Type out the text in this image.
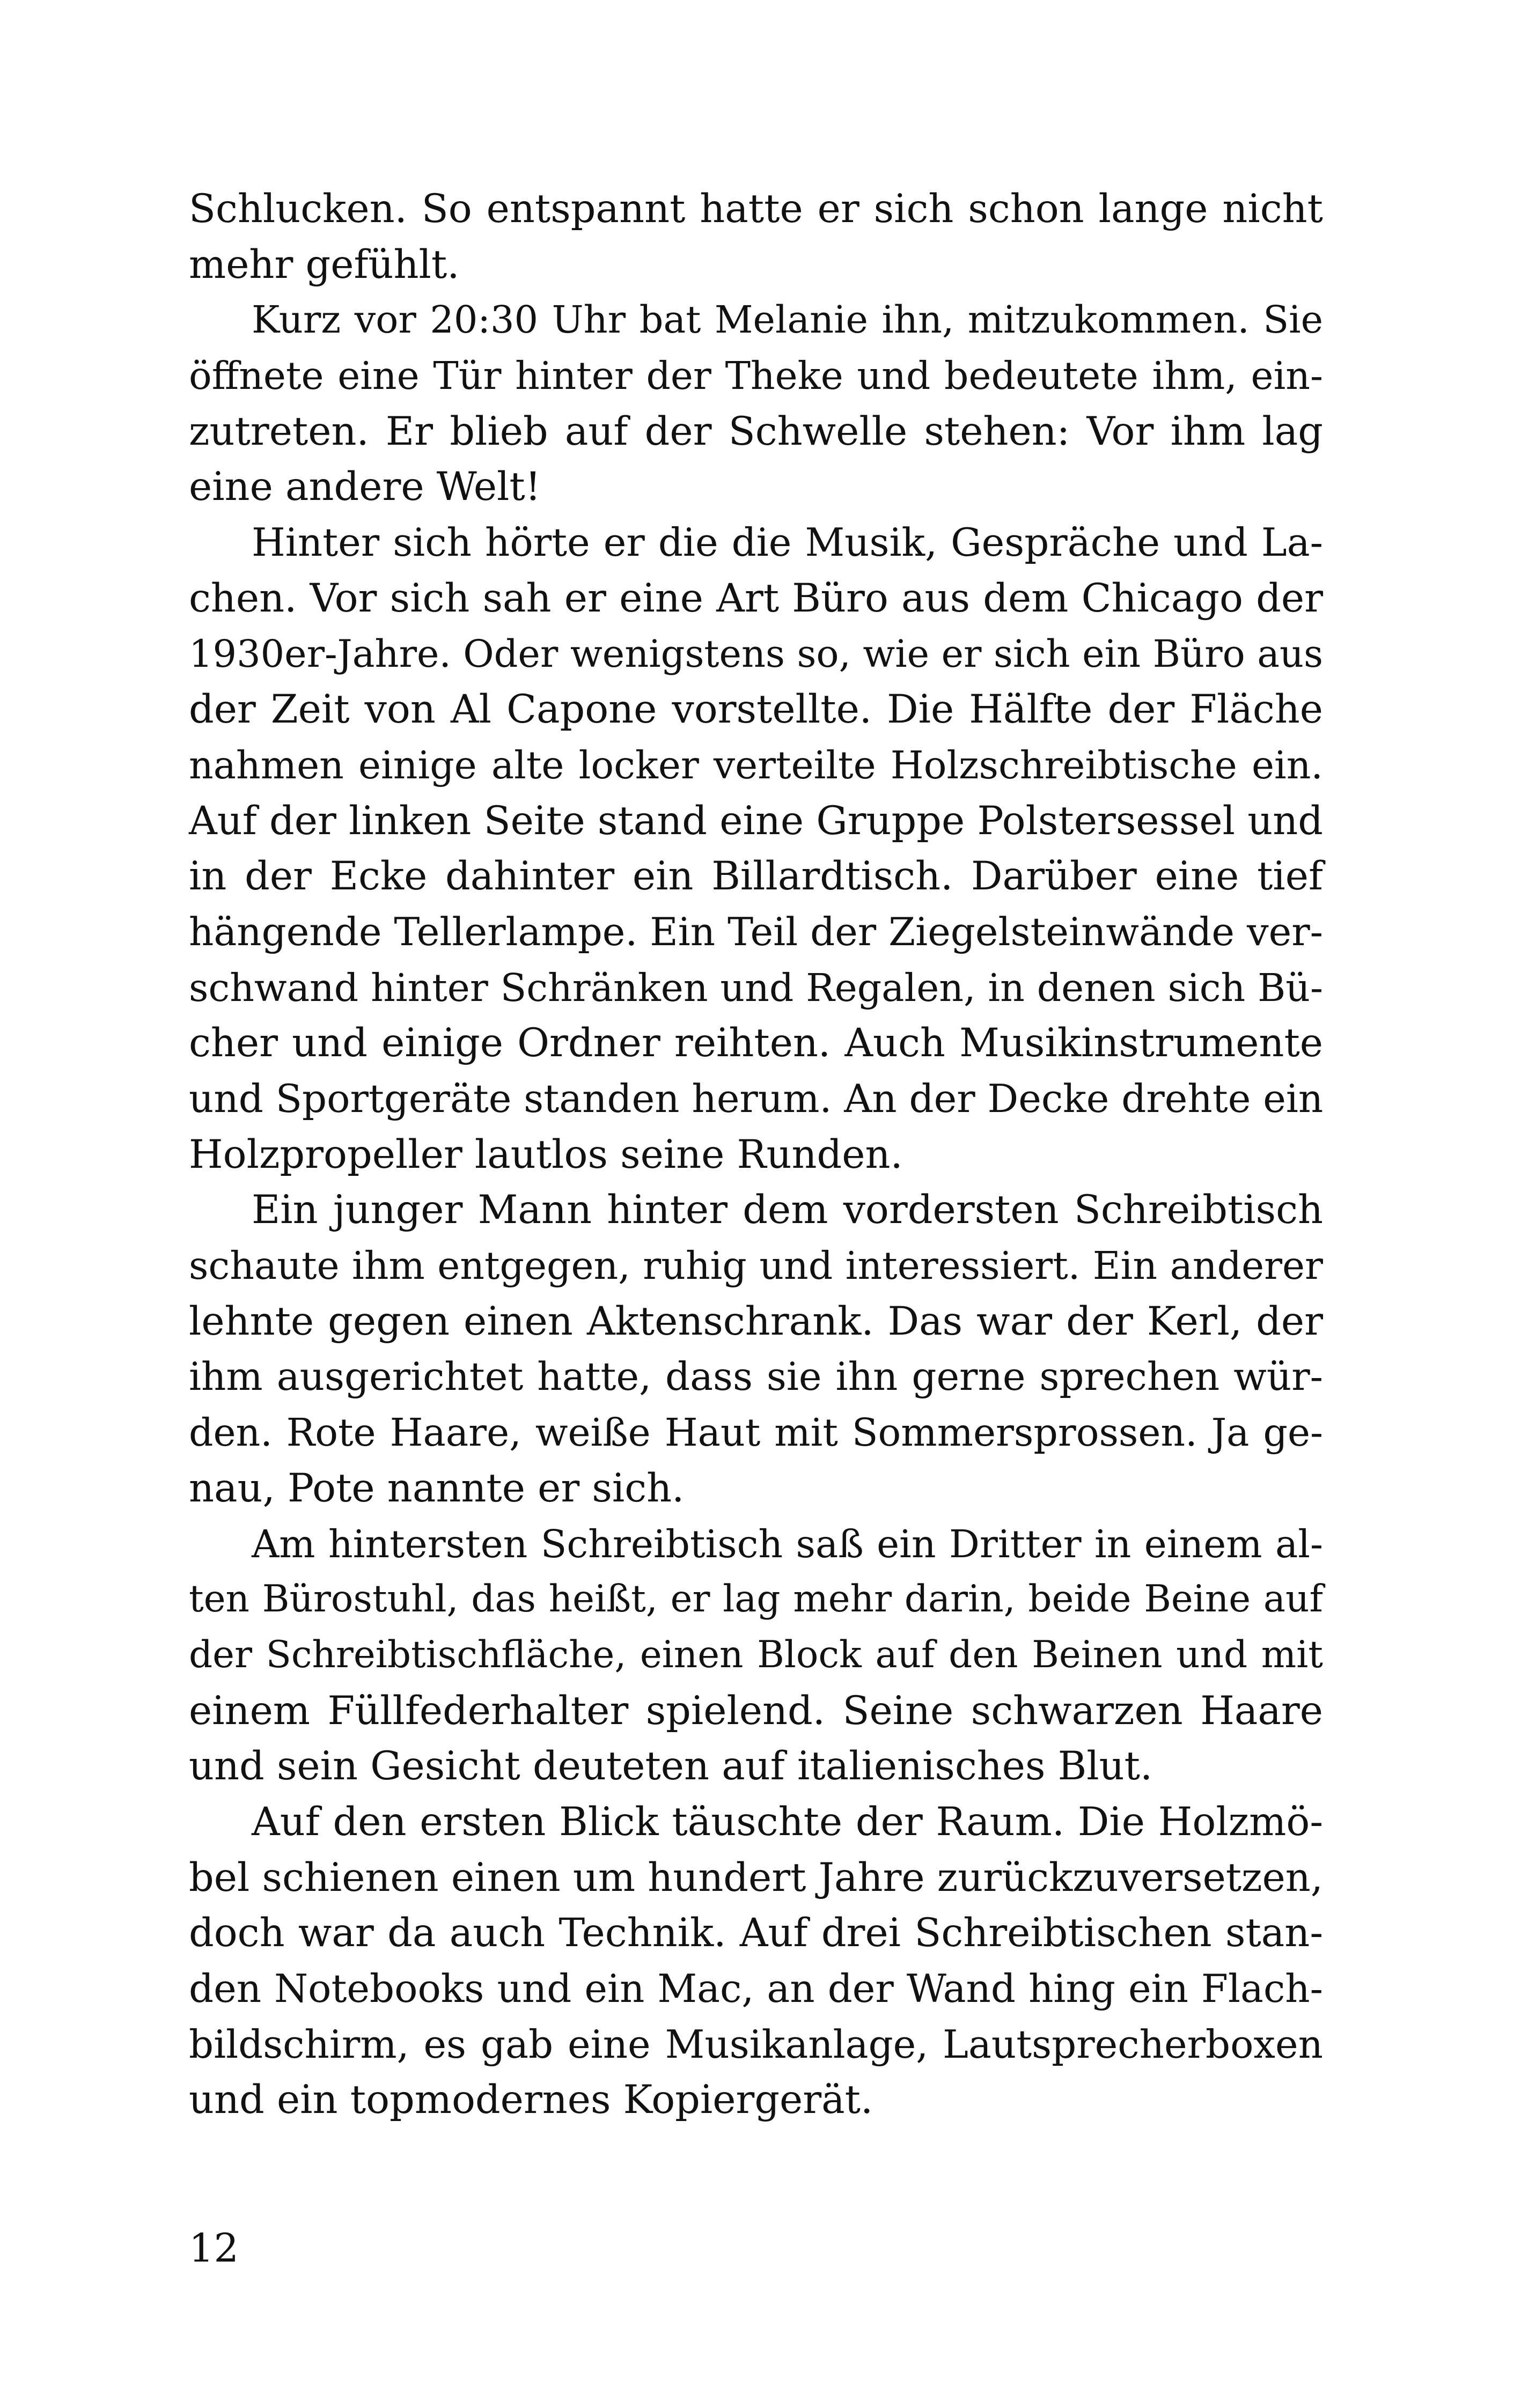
Schlucken. So entspannt hatte er sich schon lange nicht
mehr gefühlt.
Kurz vor 20:30 Uhr bat Melanie ihn, mitzukommen. Sie
öffnete eine Tür hinter der Theke und bedeutete ihm, ein-
zutreten. Er blieb auf der Schwelle stehen: Vor ihm lag
eine andere Welt!
Hinter sich hörte er die die Musik, Gespräche und La-
chen. Vor sich sah er eine Art Büro aus dem Chicago der
1930er-Jahre. Oder wenigstens so, wie er sich ein Büro aus
der Zeit von Al Capone vorstellte. Die Hälfte der Fläche
nahmen einige alte locker verteilte Holzschreibtische ein.
Auf der linken Seite stand eine Gruppe Polstersessel und
in der Ecke dahinter ein Billardtisch. Darüber eine tief
hängende Tellerlampe. Ein Teil der Ziegelsteinwände ver-
schwand hinter Schränken und Regalen, in denen sich Bü-
cher und einige Ordner reihten. Auch Musikinstrumente
und Sportgeräte standen herum. An der Decke drehte ein
Holzpropeller lautlos seine Runden.
Ein junger Mann hinter dem vordersten Schreibtisch
schaute ihm entgegen, ruhig und interessiert. Ein anderer
lehnte gegen einen Aktenschrank. Das war der Kerl, der
ihm ausgerichtet hatte, dass sie ihn gerne sprechen wür-
den. Rote Haare, weiße Haut mit Sommersprossen. Ja ge-
nau, Pote nannte er sich.
Am hintersten Schreibtisch saß ein Dritter in einem al-
ten Bürostuhl, das heißt, er lag mehr darin, beide Beine auf
der Schreibtischfläche, einen Block auf den Beinen und mit
einem Füllfederhalter spielend. Seine schwarzen Haare
und sein Gesicht deuteten auf italienisches Blut.
Auf den ersten Blick täuschte der Raum. Die Holzmö-
bel schienen einen um hundert Jahre zurückzuversetzen,
doch war da auch Technik. Auf drei Schreibtischen stan-
den Notebooks und ein Mac, an der Wand hing ein Flach-
bildschirm, es gab eine Musikanlage, Lautsprecherboxen
und ein topmodernes Kopiergerät.
12
